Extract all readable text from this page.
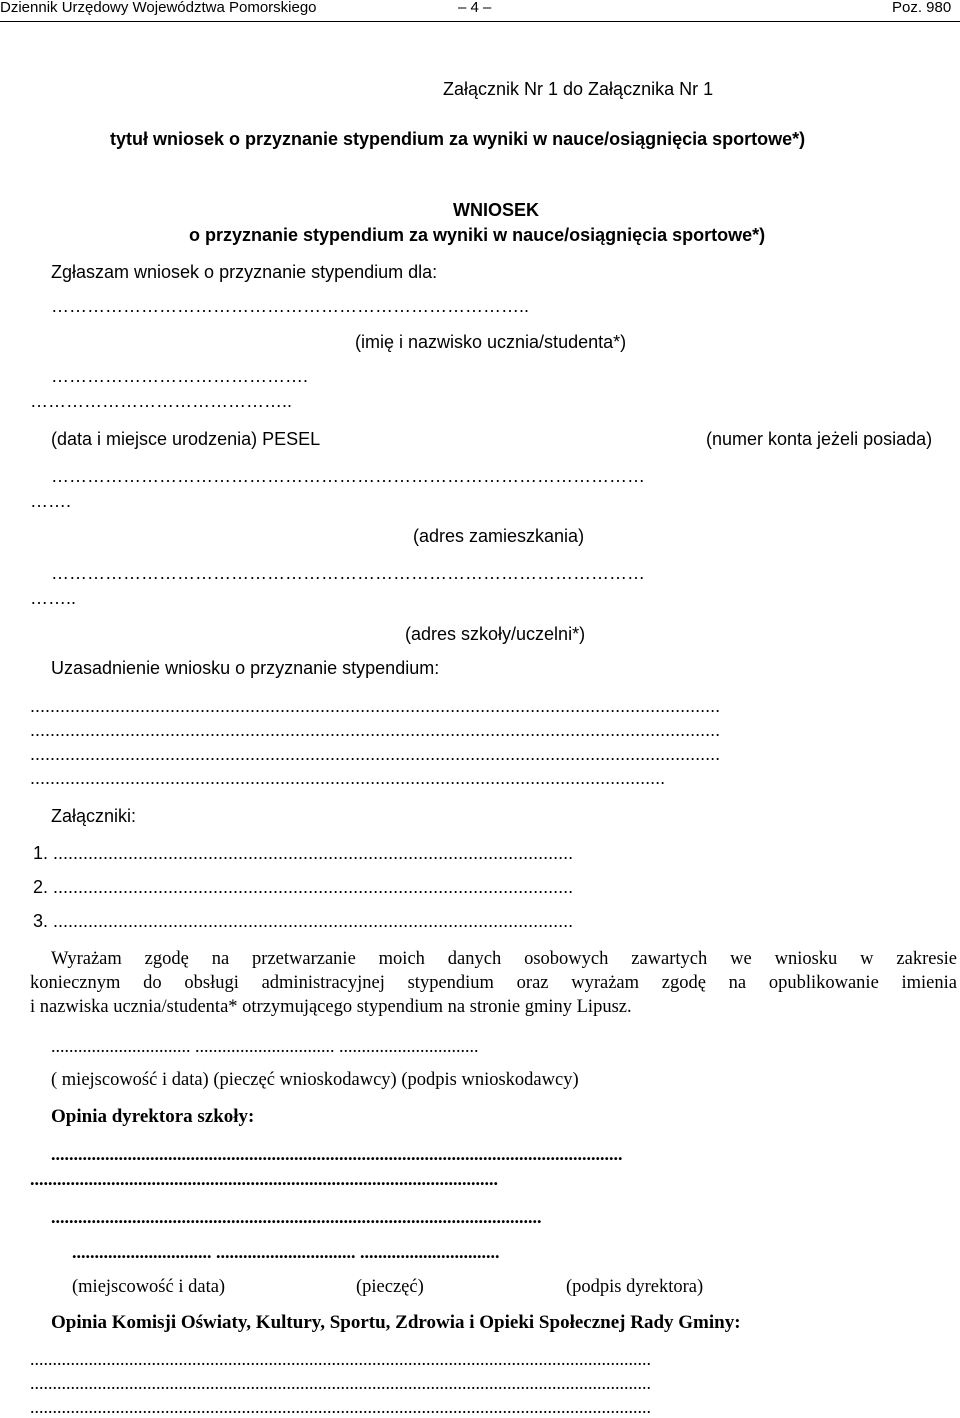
Dziennik Urzędowy Województwa Pomorskiego	– 4 –	Poz. 980
Załącznik Nr 1 do Załącznika Nr 1
tytuł wniosek o przyznanie stypendium za wyniki w nauce/osiągnięcia sportowe*)
WNIOSEK
o przyznanie stypendium za wyniki w nauce/osiągnięcia sportowe*)
Zgłaszam wniosek o przyznanie stypendium dla:
……………………………………………………………………..
(imię i nazwisko ucznia/studenta*)
…………………………………….
……………………………………..
(data i miejsce urodzenia) PESEL	(numer konta jeżeli posiada)
………………………………………………………………………………………
…….
(adres zamieszkania)
………………………………………………………………………………………
……..
(adres szkoły/uczelni*)
Uzasadnienie wniosku o przyznanie stypendium:
..........................................................................................................................................
..........................................................................................................................................
..........................................................................................................................................
...............................................................................................................................
Załączniki:
1. ........................................................................................................
2. ........................................................................................................
3. ........................................................................................................
Wyrażam zgodę na przetwarzanie moich danych osobowych zawartych we wniosku w zakresie
koniecznym do obsługi administracyjnej stypendium oraz wyrażam zgodę na opublikowanie imienia
i nazwiska ucznia/studenta* otrzymującego stypendium na stronie gminy Lipusz.
............................... ............................... ...............................
( miejscowość i data) (pieczęć wnioskodawcy) (podpis wnioskodawcy)
Opinia dyrektora szkoły:
...............................................................................................................................
........................................................................................................
.............................................................................................................
............................... ............................... ...............................
(miejscowość i data)	(pieczęć)	(podpis dyrektora)
Opinia Komisji Oświaty, Kultury, Sportu, Zdrowia i Opieki Społecznej Rady Gminy:
..........................................................................................................................................
..........................................................................................................................................
..........................................................................................................................................
